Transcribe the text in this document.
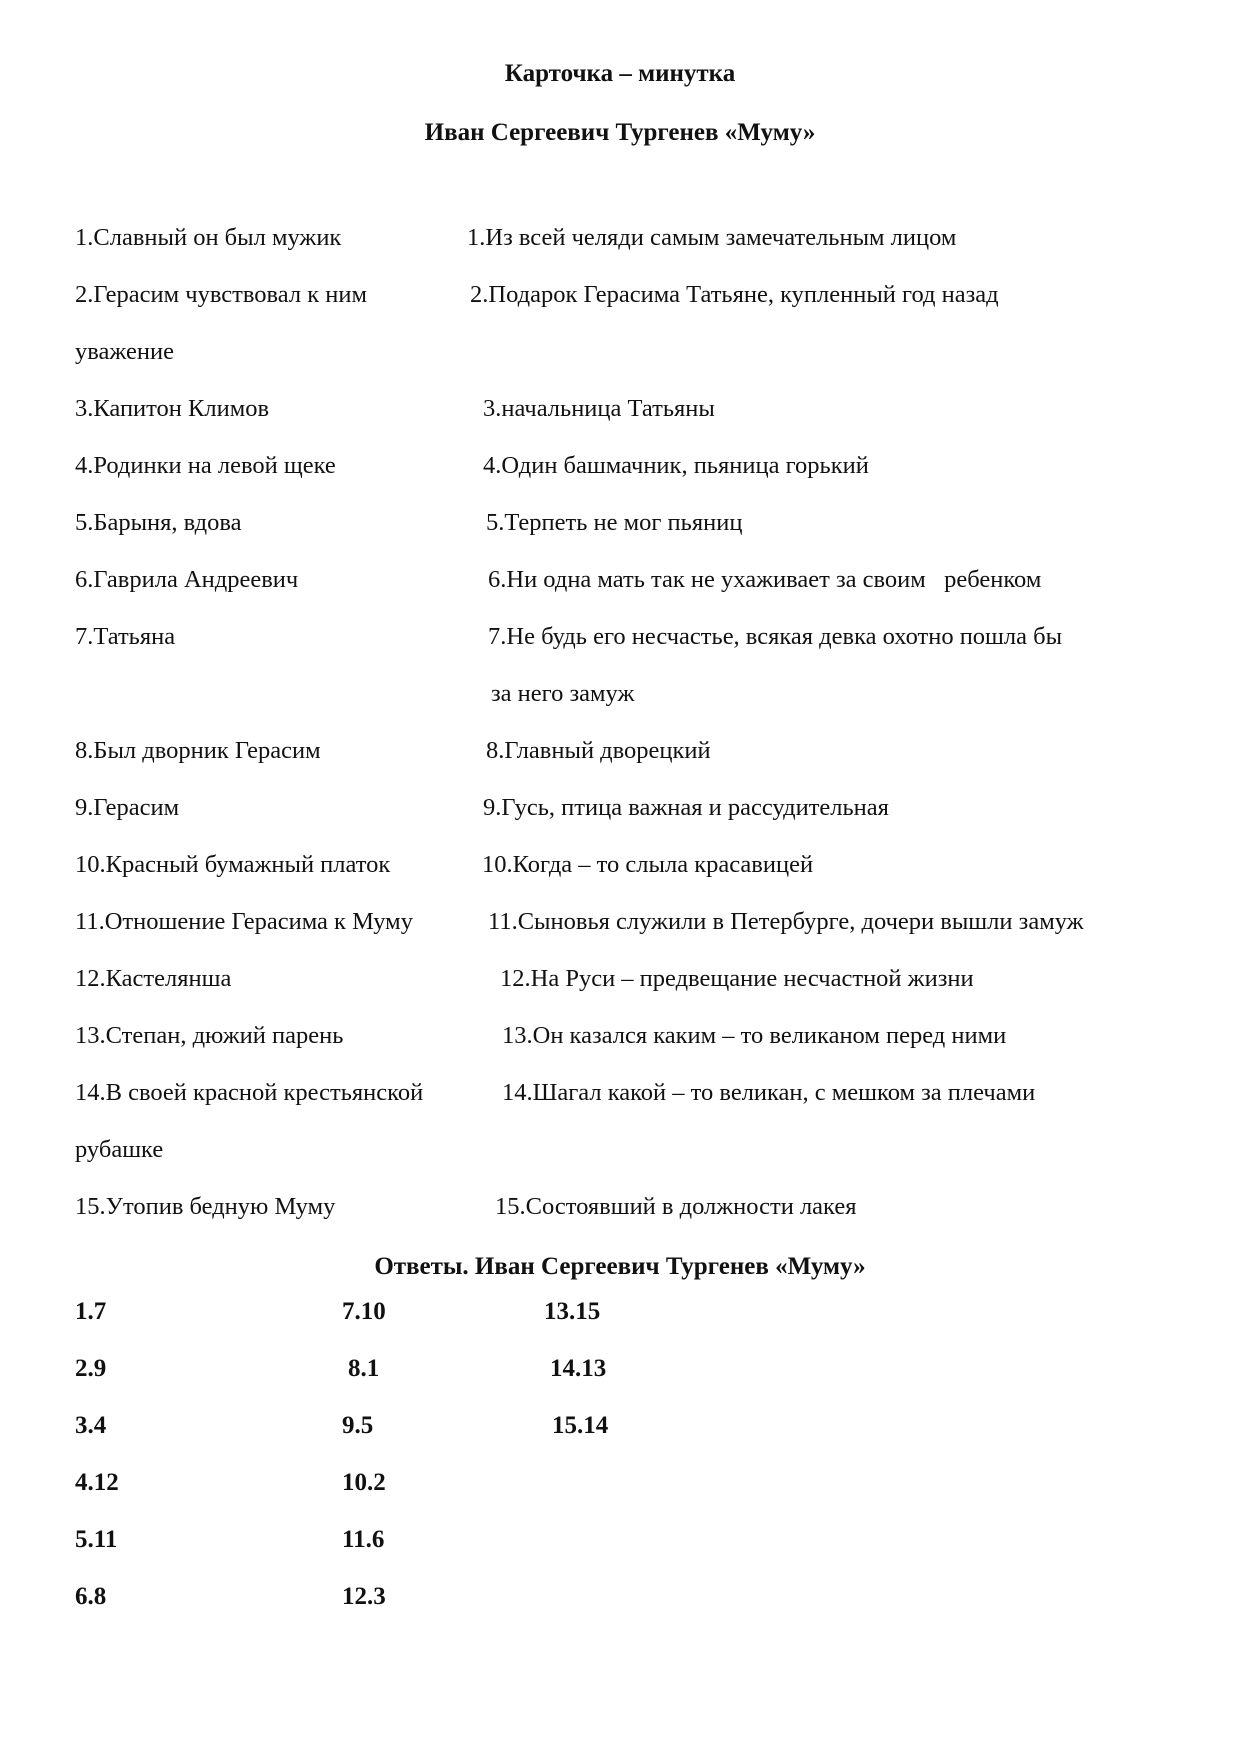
Карточка – минутка
Иван Сергеевич Тургенев «Муму»
1.Славный он был мужик	1.Из всей челяди самым замечательным лицом
2.Герасим чувствовал к ним	2.Подарок Герасима Татьяне, купленный год назад
уважение
3.Капитон Климов	3.начальница Татьяны
4.Родинки на левой щеке	4.Один башмачник, пьяница горький
5.Барыня, вдова	5.Терпеть не мог пьяниц
6.Гаврила Андреевич	6.Ни одна мать так не ухаживает за своим   ребенком
7.Татьяна	7.Не будь его несчастье, всякая девка охотно пошла бы
за него замуж
8.Был дворник Герасим	8.Главный дворецкий
9.Герасим	9.Гусь, птица важная и рассудительная
10.Красный бумажный платок	10.Когда – то слыла красавицей
11.Отношение Герасима к Муму	11.Сыновья служили в Петербурге, дочери вышли замуж
12.Кастелянша	12.На Руси – предвещание несчастной жизни
13.Степан, дюжий парень	13.Он казался каким – то великаном перед ними
14.В своей красной крестьянской	14.Шагал какой – то великан, с мешком за плечами
рубашке
15.Утопив бедную Муму	15.Состоявший в должности лакея
Ответы. Иван Сергеевич Тургенев «Муму»
1.7	7.10	13.15
2.9	8.1	14.13
3.4	9.5	15.14
4.12	10.2
5.11	11.6
6.8	12.3
